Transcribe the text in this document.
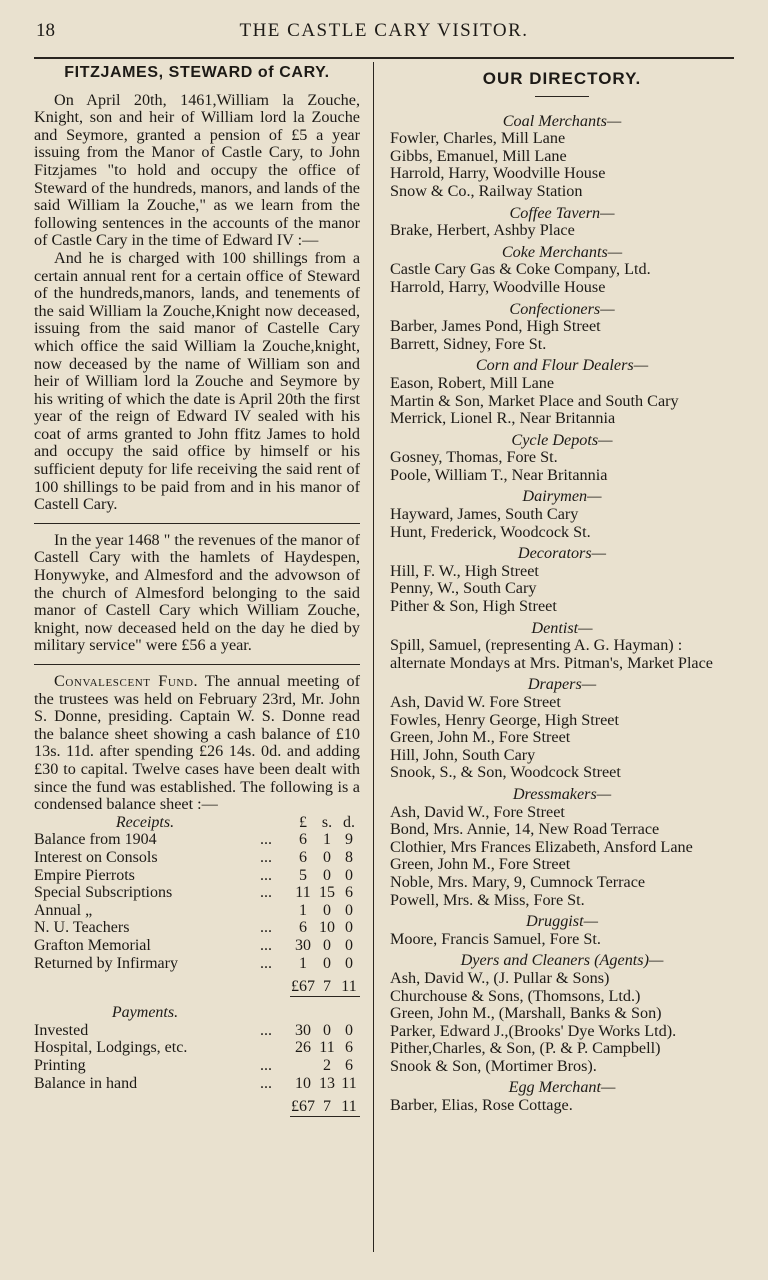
18	THE CASTLE CARY VISITOR.
FITZJAMES, STEWARD of CARY.

On April 20th, 1461,William la Zouche, Knight, son and heir of William lord la Zouche and Seymore, granted a pension of £5 a year issuing from the Manor of Castle Cary, to John Fitzjames "to hold and occupy the office of Steward of the hundreds, manors, and lands of the said William la Zouche," as we learn from the following sentences in the accounts of the manor of Castle Cary in the time of Edward IV :—

And he is charged with 100 shillings from a certain annual rent for a certain office of Steward of the hundreds,manors, lands, and tenements of the said William la Zouche,Knight now deceased, issuing from the said manor of Castelle Cary which office the said William la Zouche,knight, now deceased by the name of William son and heir of William lord la Zouche and Seymore by his writing of which the date is April 20th the first year of the reign of Edward IV sealed with his coat of arms granted to John ffitz James to hold and occupy the said office by himself or his sufficient deputy for life receiving the said rent of 100 shillings to be paid from and in his manor of Castell Cary.

In the year 1468 " the revenues of the manor of Castell Cary with the hamlets of Haydespen, Honywyke, and Almesford and the advowson of the church of Almesford belonging to the said manor of Castell Cary which William Zouche, knight, now deceased held on the day he died by military service" were £56 a year.

Convalescent Fund. The annual meeting of the trustees was held on February 23rd, Mr. John S. Donne, presiding. Captain W. S. Donne read the balance sheet showing a cash balance of £10 13s. 11d. after spending £26 14s. 0d. and adding £30 to capital. Twelve cases have been dealt with since the fund was established. The following is a condensed balance sheet :—

Receipts.		£	s.	d.
Balance from 1904	...	6	1	9
Interest on Consols	...	6	0	8
Empire Pierrots	...	5	0	0
Special Subscriptions	...	11	15	6
Annual „		1	0	0
N. U. Teachers	...	6	10	0
Grafton Memorial	...	30	0	0
Returned by Infirmary	...	1	0	0
		£67	7	11
Payments.				
Invested	...	30	0	0
Hospital, Lodgings, etc.		26	11	6
Printing	...		2	6
Balance in hand	...	10	13	11
		£67	7	11
OUR DIRECTORY.
Coal Merchants—
Fowler, Charles, Mill Lane
Gibbs, Emanuel, Mill Lane
Harrold, Harry, Woodville House
Snow & Co., Railway Station
Coffee Tavern—
Brake, Herbert, Ashby Place
Coke Merchants—
Castle Cary Gas & Coke Company, Ltd.
Harrold, Harry, Woodville House
Confectioners—
Barber, James Pond, High Street
Barrett, Sidney, Fore St.
Corn and Flour Dealers—
Eason, Robert, Mill Lane
Martin & Son, Market Place and South Cary
Merrick, Lionel R., Near Britannia
Cycle Depots—
Gosney, Thomas, Fore St.
Poole, William T., Near Britannia
Dairymen—
Hayward, James, South Cary
Hunt, Frederick, Woodcock St.
Decorators—
Hill, F. W., High Street
Penny, W., South Cary
Pither & Son, High Street
Dentist—
Spill, Samuel, (representing A. G. Hayman) : alternate Mondays at Mrs. Pitman's, Market Place
Drapers—
Ash, David W. Fore Street
Fowles, Henry George, High Street
Green, John M., Fore Street
Hill, John, South Cary
Snook, S., & Son, Woodcock Street
Dressmakers—
Ash, David W., Fore Street
Bond, Mrs. Annie, 14, New Road Terrace
Clothier, Mrs Frances Elizabeth, Ansford Lane
Green, John M., Fore Street
Noble, Mrs. Mary, 9, Cumnock Terrace
Powell, Mrs. & Miss, Fore St.
Druggist—
Moore, Francis Samuel, Fore St.
Dyers and Cleaners (Agents)—
Ash, David W., (J. Pullar & Sons)
Churchouse & Sons, (Thomsons, Ltd.)
Green, John M., (Marshall, Banks & Son)
Parker, Edward J.,(Brooks' Dye Works Ltd).
Pither,Charles, & Son, (P. & P. Campbell)
Snook & Son, (Mortimer Bros).
Egg Merchant—
Barber, Elias, Rose Cottage.
